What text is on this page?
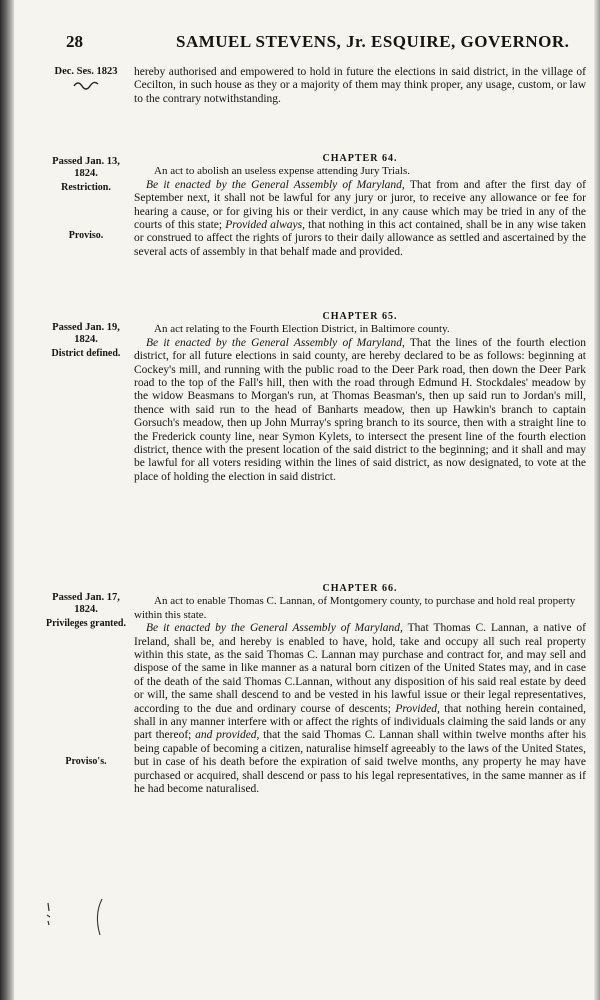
28	SAMUEL STEVENS, Jr. ESQUIRE, GOVERNOR.
Dec. Ses. 1823	hereby authorised and empowered to hold in future the elections in said district, in the village of Cecilton, in such house as they or a majority of them may think proper, any usage, custom, or law to the contrary notwithstanding.

Passed Jan. 13, 1824.
Restriction.
Proviso.

CHAPTER 64.

An act to abolish an useless expense attending Jury Trials.

Be it enacted by the General Assembly of Maryland, That from and after the first day of September next, it shall not be lawful for any jury or juror, to receive any allowance or fee for hearing a cause, or for giving his or their verdict, in any cause which may be tried in any of the courts of this state; Provided always, that nothing in this act contained, shall be in any wise taken or construed to affect the rights of jurors to their daily allowance as settled and ascertained by the several acts of assembly in that behalf made and provided.

Passed Jan. 19, 1824.
District defined.

CHAPTER 65.

An act relating to the Fourth Election District, in Baltimore county.

Be it enacted by the General Assembly of Maryland, That the lines of the fourth election district, for all future elections in said county, are hereby declared to be as follows: beginning at Cockey's mill, and running with the public road to the Deer Park road, then down the Deer Park road to the top of the Fall's hill, then with the road through Edmund H. Stockdales' meadow by the widow Beasmans to Morgan's run, at Thomas Beasman's, then up said run to Jordan's mill, thence with said run to the head of Banharts meadow, then up Hawkin's branch to captain Gorsuch's meadow, then up John Murray's spring branch to its source, then with a straight line to the Frederick county line, near Symon Kylets, to intersect the present line of the fourth election district, thence with the present location of the said district to the beginning; and it shall and may be lawful for all voters residing within the lines of said district, as now designated, to vote at the place of holding the election in said district.

Passed Jan. 17, 1824.
Privileges granted.
Proviso's.

CHAPTER 66.

An act to enable Thomas C. Lannan, of Montgomery county, to purchase and hold real property within this state.

Be it enacted by the General Assembly of Maryland, That Thomas C. Lannan, a native of Ireland, shall be, and hereby is enabled to have, hold, take and occupy all such real property within this state, as the said Thomas C. Lannan may purchase and contract for, and may sell and dispose of the same in like manner as a natural born citizen of the United States may, and in case of the death of the said Thomas C.Lannan, without any disposition of his said real estate by deed or will, the same shall descend to and be vested in his lawful issue or their legal representatives, according to the due and ordinary course of descents; Provided, that nothing herein contained, shall in any manner interfere with or affect the rights of individuals claiming the said lands or any part thereof; and provided, that the said Thomas C. Lannan shall within twelve months after his being capable of becoming a citizen, naturalise himself agreeably to the laws of the United States, but in case of his death before the expiration of said twelve months, any property he may have purchased or acquired, shall descend or pass to his legal representatives, in the same manner as if he had become naturalised.
